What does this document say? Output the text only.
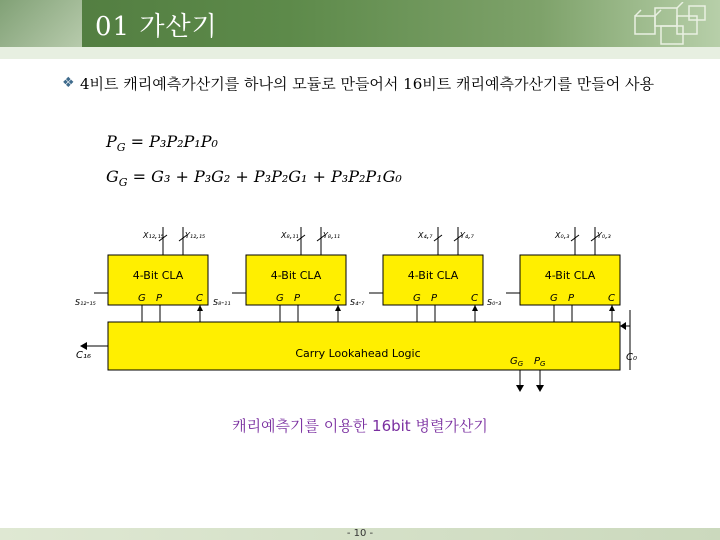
01 가산기
❖ 4비트 캐리예측가산기를 하나의 모듈로 만들어서 16비트 캐리예측가산기를 만들어 사용
$P_G = P_3P_2P_1P_0$
$G_G = G_3 + P_3G_2 + P_3P_2G_1 + P_3P_2P_1G_0$
4-Bit CLA
G P	C
X₁₂,₁₅	Y₁₂,₁₅
S₁₂-₁₅
4-Bit CLA
G P	C
X₈,₁₁	Y₈,₁₁
S₈-₁₁
4-Bit CLA
G P	C
X₄,₇	Y₄,₇
S₄-₇
4-Bit CLA
G P	C
X₀,₃	Y₀,₃
S₀-₃
Carry Lookahead Logic
C₁₆	C₀
$G_G$ $P_G$
캐리예측기를 이용한 16bit 병렬가산기
- 10 -
